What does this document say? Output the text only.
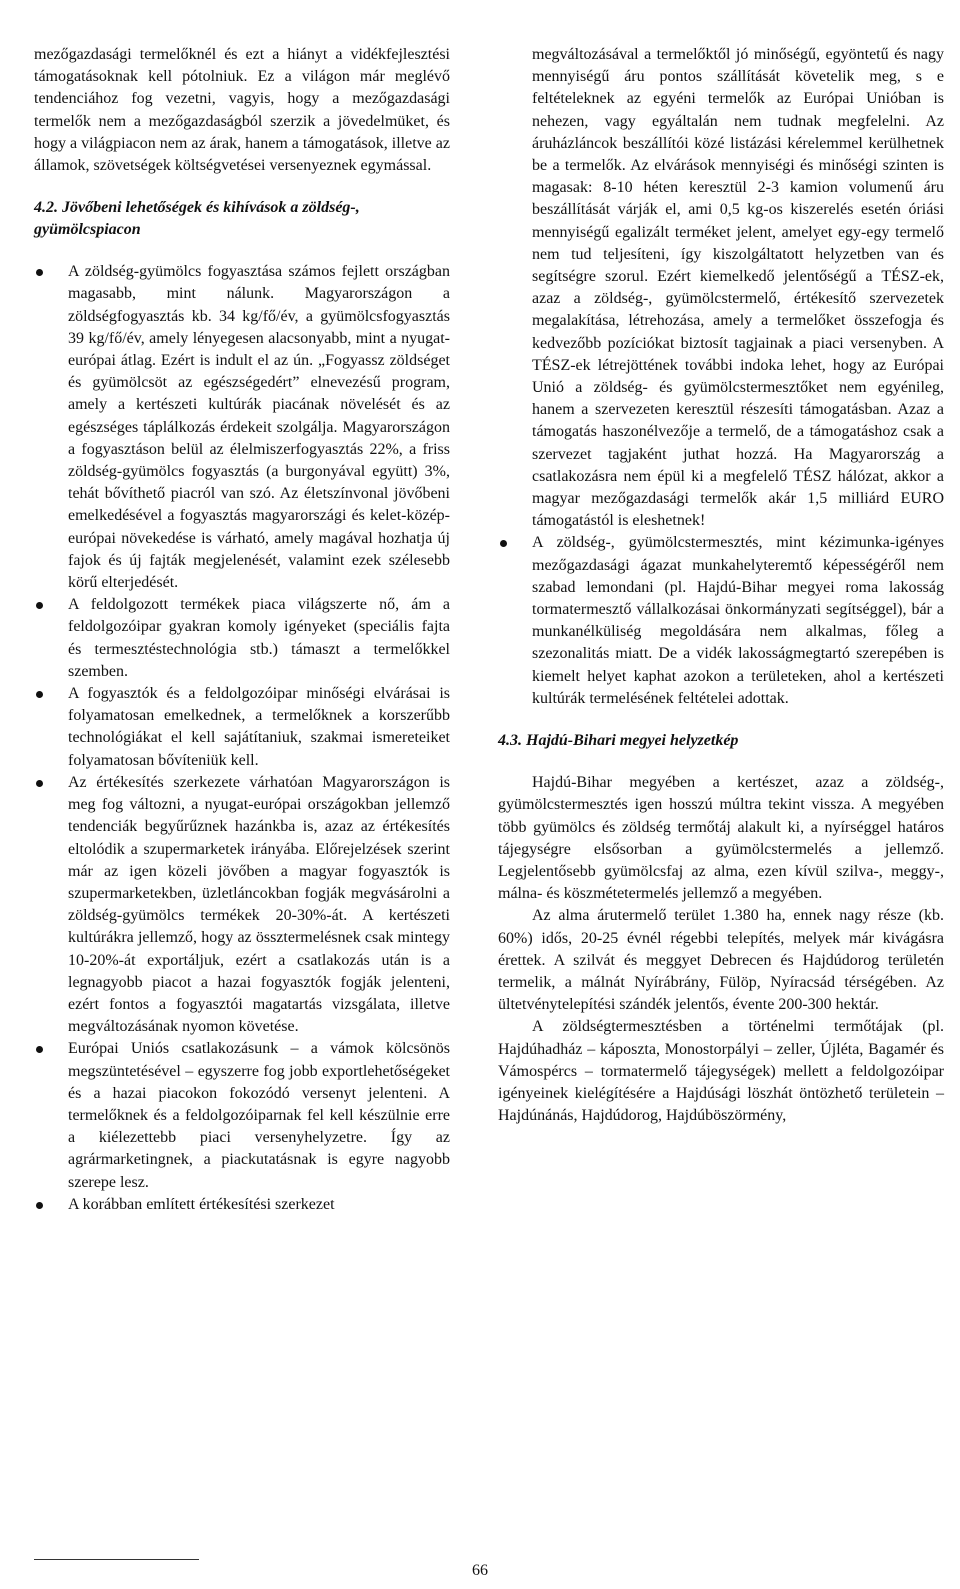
mezőgazdasági termelőknél és ezt a hiányt a vidékfejlesztési támogatásoknak kell pótolniuk. Ez a világon már meglévő tendenciához fog vezetni, vagyis, hogy a mezőgazdasági termelők nem a mezőgazdaságból szerzik a jövedelmüket, és hogy a világpiacon nem az árak, hanem a támogatások, illetve az államok, szövetségek költségvetései versenyeznek egymással.

4.2. Jövőbeni lehetőségek és kihívások a zöldség-, gyümölcspiacon
A zöldség-gyümölcs fogyasztása számos fejlett országban magasabb, mint nálunk. Magyarországon a zöldségfogyasztás kb. 34 kg/fő/év, a gyümölcsfogyasztás 39 kg/fő/év, amely lényegesen alacsonyabb, mint a nyugat-európai átlag. Ezért is indult el az ún. „Fogyassz zöldséget és gyümölcsöt az egészségedért” elnevezésű program, amely a kertészeti kultúrák piacának növelését és az egészséges táplálkozás érdekeit szolgálja. Magyarországon a fogyasztáson belül az élelmiszerfogyasztás 22%, a friss zöldség-gyümölcs fogyasztás (a burgonyával együtt) 3%, tehát bővíthető piacról van szó. Az életszínvonal jövőbeni emelkedésével a fogyasztás magyarországi és kelet-közép-európai növekedése is várható, amely magával hozhatja új fajok és új fajták megjelenését, valamint ezek szélesebb körű elterjedését.
A feldolgozott termékek piaca világszerte nő, ám a feldolgozóipar gyakran komoly igényeket (speciális fajta és termesztéstechnológia stb.) támaszt a termelőkkel szemben.
A fogyasztók és a feldolgozóipar minőségi elvárásai is folyamatosan emelkednek, a termelőknek a korszerűbb technológiákat el kell sajátítaniuk, szakmai ismereteiket folyamatosan bővíteniük kell.
Az értékesítés szerkezete várhatóan Magyarországon is meg fog változni, a nyugat-európai országokban jellemző tendenciák begyűrűznek hazánkba is, azaz az értékesítés eltolódik a szupermarketek irányába. Előrejelzések szerint már az igen közeli jövőben a magyar fogyasztók is szupermarketekben, üzletláncokban fogják megvásárolni a zöldség-gyümölcs termékek 20-30%-át. A kertészeti kultúrákra jellemző, hogy az össztermelésnek csak mintegy 10-20%-át exportáljuk, ezért a csatlakozás után is a legnagyobb piacot a hazai fogyasztók fogják jelenteni, ezért fontos a fogyasztói magatartás vizsgálata, illetve megváltozásának nyomon követése.
Európai Uniós csatlakozásunk – a vámok kölcsönös megszüntetésével – egyszerre fog jobb exportlehetőségeket és a hazai piacokon fokozódó versenyt jelenteni. A termelőknek és a feldolgozóiparnak fel kell készülnie erre a kiélezettebb piaci versenyhelyzetre. Így az agrármarketingnek, a piackutatásnak is egyre nagyobb szerepe lesz.
A korábban említett értékesítési szerkezet
megváltozásával a termelőktől jó minőségű, egyöntetű és nagy mennyiségű áru pontos szállítását követelik meg, s e feltételeknek az egyéni termelők az Európai Unióban is nehezen, vagy egyáltalán nem tudnak megfelelni. Az áruházláncok beszállítói közé listázási kérelemmel kerülhetnek be a termelők. Az elvárások mennyiségi és minőségi szinten is magasak: 8-10 héten keresztül 2-3 kamion volumenű áru beszállítását várják el, ami 0,5 kg-os kiszerelés esetén óriási mennyiségű egalizált terméket jelent, amelyet egy-egy termelő nem tud teljesíteni, így kiszolgáltatott helyzetben van és segítségre szorul. Ezért kiemelkedő jelentőségű a TÉSZ-ek, azaz a zöldség-, gyümölcstermelő, értékesítő szervezetek megalakítása, létrehozása, amely a termelőket összefogja és kedvezőbb pozíciókat biztosít tagjainak a piaci versenyben. A TÉSZ-ek létrejöttének további indoka lehet, hogy az Európai Unió a zöldség- és gyümölcstermesztőket nem egyénileg, hanem a szervezeten keresztül részesíti támogatásban. Azaz a támogatás haszonélvezője a termelő, de a támogatáshoz csak a szervezet tagjaként juthat hozzá. Ha Magyarország a csatlakozásra nem épül ki a megfelelő TÉSZ hálózat, akkor a magyar mezőgazdasági termelők akár 1,5 milliárd EURO támogatástól is eleshetnek!
A zöldség-, gyümölcstermesztés, mint kézimunka-igényes mezőgazdasági ágazat munkahelyteremtő képességéről nem szabad lemondani (pl. Hajdú-Bihar megyei roma lakosság tormatermesztő vállalkozásai önkormányzati segítséggel), bár a munkanélküliség megoldására nem alkalmas, főleg a szezonalitás miatt. De a vidék lakosságmegtartó szerepében is kiemelt helyet kaphat azokon a területeken, ahol a kertészeti kultúrák termelésének feltételei adottak.
4.3. Hajdú-Bihari megyei helyzetkép

Hajdú-Bihar megyében a kertészet, azaz a zöldség-, gyümölcstermesztés igen hosszú múltra tekint vissza. A megyében több gyümölcs és zöldség termőtáj alakult ki, a nyírséggel határos tájegységre elsősorban a gyümölcstermelés a jellemző. Legjelentősebb gyümölcsfaj az alma, ezen kívül szilva-, meggy-, málna- és köszmétetermelés jellemző a megyében.

Az alma árutermelő terület 1.380 ha, ennek nagy része (kb. 60%) idős, 20-25 évnél régebbi telepítés, melyek már kivágásra érettek. A szilvát és meggyet Debrecen és Hajdúdorog területén termelik, a málnát Nyírábrány, Fülöp, Nyíracsád térségében. Az ültetvénytelepítési szándék jelentős, évente 200-300 hektár.

A zöldségtermesztésben a történelmi termőtájak (pl. Hajdúhadház – káposzta, Monostorpályi – zeller, Újléta, Bagamér és Vámospércs – tormatermelő tájegységek) mellett a feldolgozóipar igényeinek kielégítésére a Hajdúsági löszhát öntözhető területein – Hajdúnánás, Hajdúdorog, Hajdúböszörmény,

66
